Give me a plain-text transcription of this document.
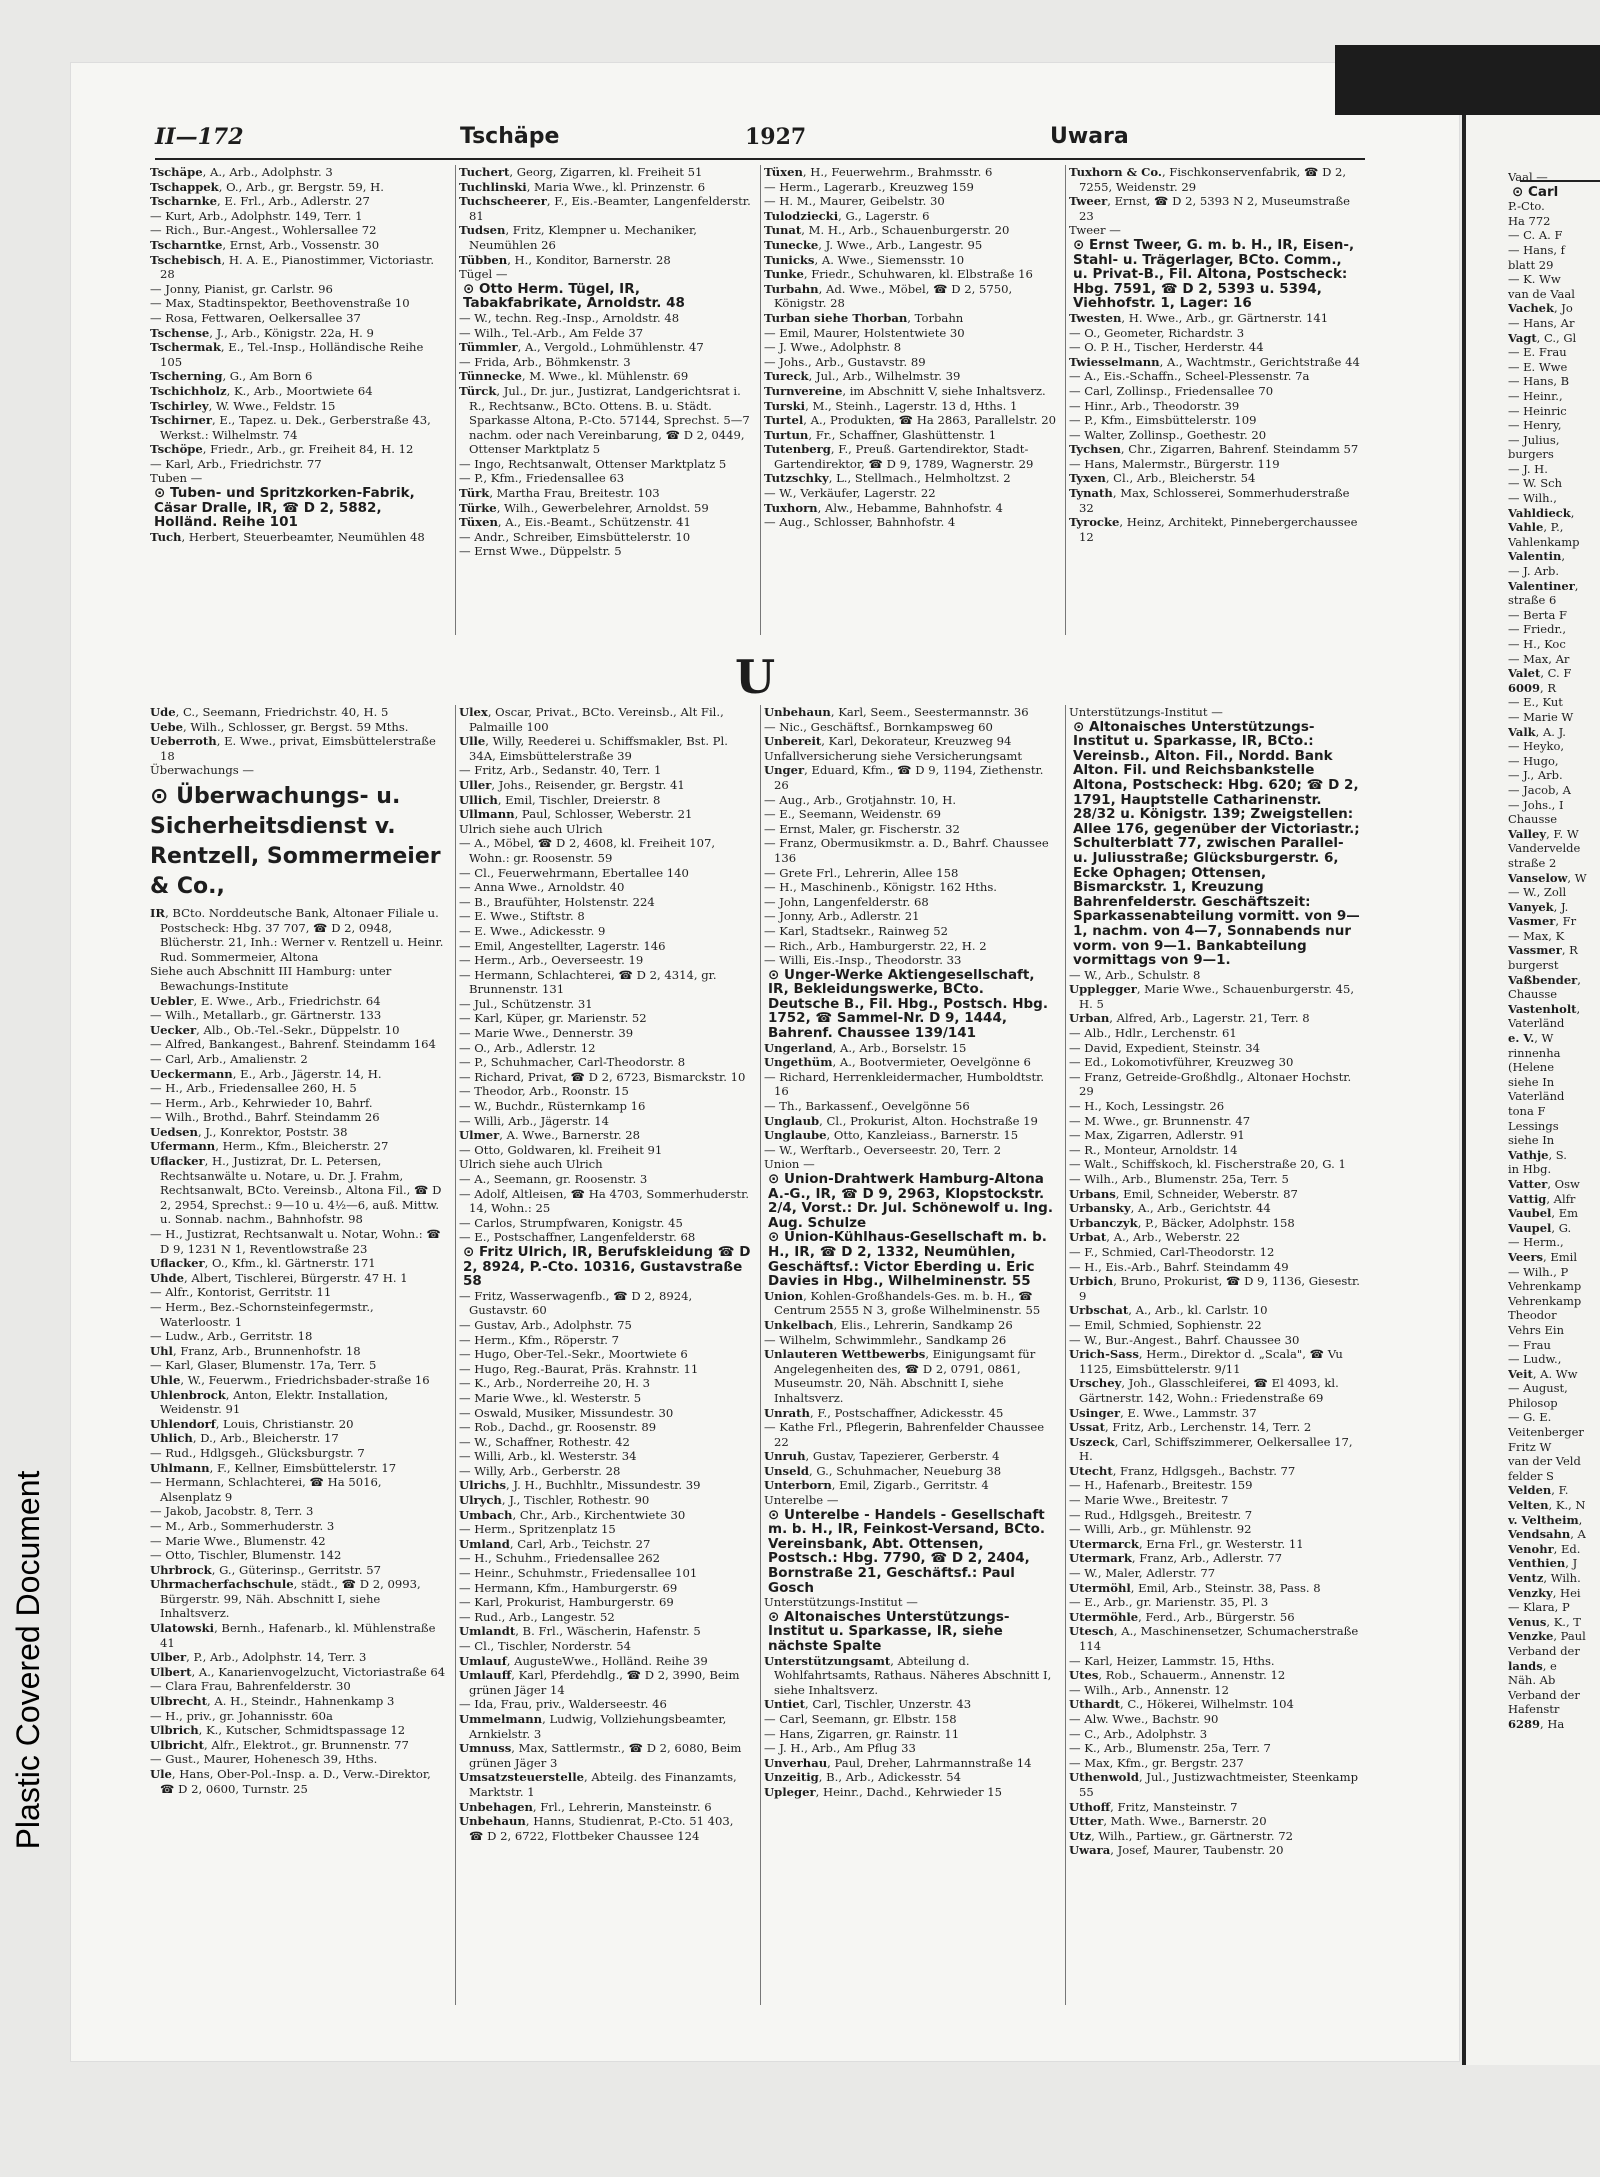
Plastic Covered Document
II—172	Tschäpe	1927	Uwara

Tschäpe, A., Arb., Adolphstr. 3

Tschappek, O., Arb., gr. Bergstr. 59, H.

Tscharnke, E. Frl., Arb., Adlerstr. 27

— Kurt, Arb., Adolphstr. 149, Terr. 1

— Rich., Bur.-Angest., Wohlersallee 72

Tscharntke, Ernst, Arb., Vossenstr. 30

Tschebisch, H. A. E., Pianostimmer, Victoriastr. 28

— Jonny, Pianist, gr. Carlstr. 96

— Max, Stadtinspektor, Beethovenstraße 10

— Rosa, Fettwaren, Oelkersallee 37

Tschense, J., Arb., Königstr. 22a, H. 9

Tschermak, E., Tel.-Insp., Holländische Reihe 105

Tscherning, G., Am Born 6

Tschichholz, K., Arb., Moortwiete 64

Tschirley, W. Wwe., Feldstr. 15

Tschirner, E., Tapez. u. Dek., Gerberstraße 43, Werkst.: Wilhelmstr. 74

Tschöpe, Friedr., Arb., gr. Freiheit 84, H. 12

— Karl, Arb., Friedrichstr. 77

Tuben —

⊙ Tuben- und Spritzkorken-Fabrik, Cäsar Dralle, IR, ☎ D 2, 5882, Holländ. Reihe 101

Tuch, Herbert, Steuerbeamter, Neumühlen 48

Tuchert, Georg, Zigarren, kl. Freiheit 51

Tuchlinski, Maria Wwe., kl. Prinzenstr. 6

Tuchscheerer, F., Eis.-Beamter, Langenfelderstr. 81

Tudsen, Fritz, Klempner u. Mechaniker, Neumühlen 26

Tübben, H., Konditor, Barnerstr. 28

Tügel —

⊙ Otto Herm. Tügel, IR, Tabakfabrikate, Arnoldstr. 48

— W., techn. Reg.-Insp., Arnoldstr. 48

— Wilh., Tel.-Arb., Am Felde 37

Tümmler, A., Vergold., Lohmühlenstr. 47

— Frida, Arb., Böhmkenstr. 3

Tünnecke, M. Wwe., kl. Mühlenstr. 69

Türck, Jul., Dr. jur., Justizrat, Landgerichtsrat i. R., Rechtsanw., BCto. Ottens. B. u. Städt. Sparkasse Altona, P.-Cto. 57144, Sprechst. 5—7 nachm. oder nach Vereinbarung, ☎ D 2, 0449, Ottenser Marktplatz 5

— Ingo, Rechtsanwalt, Ottenser Marktplatz 5

— P., Kfm., Friedensallee 63

Türk, Martha Frau, Breitestr. 103

Türke, Wilh., Gewerbelehrer, Arnoldst. 59

Tüxen, A., Eis.-Beamt., Schützenstr. 41

— Andr., Schreiber, Eimsbüttelerstr. 10

— Ernst Wwe., Düppelstr. 5

Tüxen, H., Feuerwehrm., Brahmsstr. 6

— Herm., Lagerarb., Kreuzweg 159

— H. M., Maurer, Geibelstr. 30

Tulodziecki, G., Lagerstr. 6

Tunat, M. H., Arb., Schauenburgerstr. 20

Tunecke, J. Wwe., Arb., Langestr. 95

Tunicks, A. Wwe., Siemensstr. 10

Tunke, Friedr., Schuhwaren, kl. Elbstraße 16

Turbahn, Ad. Wwe., Möbel, ☎ D 2, 5750, Königstr. 28

Turban siehe Thorban, Torbahn

— Emil, Maurer, Holstentwiete 30

— J. Wwe., Adolphstr. 8

— Johs., Arb., Gustavstr. 89

Tureck, Jul., Arb., Wilhelmstr. 39

Turnvereine, im Abschnitt V, siehe Inhaltsverz.

Turski, M., Steinh., Lagerstr. 13 d, Hths. 1

Turtel, A., Produkten, ☎ Ha 2863, Parallelstr. 20

Turtun, Fr., Schaffner, Glashüttenstr. 1

Tutenberg, F., Preuß. Gartendirektor, Stadt-Gartendirektor, ☎ D 9, 1789, Wagnerstr. 29

Tutzschky, L., Stellmach., Helmholtzst. 2

— W., Verkäufer, Lagerstr. 22

Tuxhorn, Alw., Hebamme, Bahnhofstr. 4

— Aug., Schlosser, Bahnhofstr. 4

Tuxhorn & Co., Fischkonservenfabrik, ☎ D 2, 7255, Weidenstr. 29

Tweer, Ernst, ☎ D 2, 5393 N 2, Museumstraße 23

Tweer —

⊙ Ernst Tweer, G. m. b. H., IR, Eisen-, Stahl- u. Trägerlager, BCto. Comm., u. Privat-B., Fil. Altona, Postscheck: Hbg. 7591, ☎ D 2, 5393 u. 5394, Viehhofstr. 1, Lager: 16

Twesten, H. Wwe., Arb., gr. Gärtnerstr. 141

— O., Geometer, Richardstr. 3

— O. P. H., Tischer, Herderstr. 44

Twiesselmann, A., Wachtmstr., Gerichtstraße 44

— A., Eis.-Schaffn., Scheel-Plessenstr. 7a

— Carl, Zollinsp., Friedensallee 70

— Hinr., Arb., Theodorstr. 39

— P., Kfm., Eimsbüttelerstr. 109

— Walter, Zollinsp., Goethestr. 20

Tychsen, Chr., Zigarren, Bahrenf. Steindamm 57

— Hans, Malermstr., Bürgerstr. 119

Tyxen, Cl., Arb., Bleicherstr. 54

Tynath, Max, Schlosserei, Sommerhuderstraße 32

Tyrocke, Heinz, Architekt, Pinnebergerchaussee 12

U

Ude, C., Seemann, Friedrichstr. 40, H. 5

Uebe, Wilh., Schlosser, gr. Bergst. 59 Mths.

Ueberroth, E. Wwe., privat, Eimsbüttelerstraße 18

Überwachungs —

⊙ Überwachungs- u. Sicherheitsdienst v. Rentzell, Sommermeier & Co.,

IR, BCto. Norddeutsche Bank, Altonaer Filiale u. Postscheck: Hbg. 37 707, ☎ D 2, 0948, Blücherstr. 21, Inh.: Werner v. Rentzell u. Heinr. Rud. Sommermeier, Altona

Siehe auch Abschnitt III Hamburg: unter Bewachungs-Institute

Uebler, E. Wwe., Arb., Friedrichstr. 64

— Wilh., Metallarb., gr. Gärtnerstr. 133

Uecker, Alb., Ob.-Tel.-Sekr., Düppelstr. 10

— Alfred, Bankangest., Bahrenf. Steindamm 164

— Carl, Arb., Amalienstr. 2

Ueckermann, E., Arb., Jägerstr. 14, H.

— H., Arb., Friedensallee 260, H. 5

— Herm., Arb., Kehrwieder 10, Bahrf.

— Wilh., Brothd., Bahrf. Steindamm 26

Uedsen, J., Konrektor, Poststr. 38

Ufermann, Herm., Kfm., Bleicherstr. 27

Uflacker, H., Justizrat, Dr. L. Petersen, Rechtsanwälte u. Notare, u. Dr. J. Frahm, Rechtsanwalt, BCto. Vereinsb., Altona Fil., ☎ D 2, 2954, Sprechst.: 9—10 u. 4½—6, auß. Mittw. u. Sonnab. nachm., Bahnhofstr. 98

— H., Justizrat, Rechtsanwalt u. Notar, Wohn.: ☎ D 9, 1231 N 1, Reventlowstraße 23

Uflacker, O., Kfm., kl. Gärtnerstr. 171

Uhde, Albert, Tischlerei, Bürgerstr. 47 H. 1

— Alfr., Kontorist, Gerritstr. 11

— Herm., Bez.-Schornsteinfegermstr., Waterloostr. 1

— Ludw., Arb., Gerritstr. 18

Uhl, Franz, Arb., Brunnenhofstr. 18

— Karl, Glaser, Blumenstr. 17a, Terr. 5

Uhle, W., Feuerwm., Friedrichsbader-straße 16

Uhlenbrock, Anton, Elektr. Installation, Weidenstr. 91

Uhlendorf, Louis, Christianstr. 20

Uhlich, D., Arb., Bleicherstr. 17

— Rud., Hdlgsgeh., Glücksburgstr. 7

Uhlmann, F., Kellner, Eimsbüttelerstr. 17

— Hermann, Schlachterei, ☎ Ha 5016, Alsenplatz 9

— Jakob, Jacobstr. 8, Terr. 3

— M., Arb., Sommerhuderstr. 3

— Marie Wwe., Blumenstr. 42

— Otto, Tischler, Blumenstr. 142

Uhrbrock, G., Güterinsp., Gerritstr. 57

Uhrmacherfachschule, städt., ☎ D 2, 0993, Bürgerstr. 99, Näh. Abschnitt I, siehe Inhaltsverz.

Ulatowski, Bernh., Hafenarb., kl. Mühlenstraße 41

Ulber, P., Arb., Adolphstr. 14, Terr. 3

Ulbert, A., Kanarienvogelzucht, Victoriastraße 64

— Clara Frau, Bahrenfelderstr. 30

Ulbrecht, A. H., Steindr., Hahnenkamp 3

— H., priv., gr. Johannisstr. 60a

Ulbrich, K., Kutscher, Schmidtspassage 12

Ulbricht, Alfr., Elektrot., gr. Brunnenstr. 77

— Gust., Maurer, Hohenesch 39, Hths.

Ule, Hans, Ober-Pol.-Insp. a. D., Verw.-Direktor, ☎ D 2, 0600, Turnstr. 25

Ulex, Oscar, Privat., BCto. Vereinsb., Alt Fil., Palmaille 100

Ulle, Willy, Reederei u. Schiffsmakler, Bst. Pl. 34A, Eimsbüttelerstraße 39

— Fritz, Arb., Sedanstr. 40, Terr. 1

Uller, Johs., Reisender, gr. Bergstr. 41

Ullich, Emil, Tischler, Dreierstr. 8

Ullmann, Paul, Schlosser, Weberstr. 21

Ulrich siehe auch Ulrich

— A., Möbel, ☎ D 2, 4608, kl. Freiheit 107, Wohn.: gr. Roosenstr. 59

— Cl., Feuerwehrmann, Ebertallee 140

— Anna Wwe., Arnoldstr. 40

— B., Braufühter, Holstenstr. 224

— E. Wwe., Stiftstr. 8

— E. Wwe., Adickesstr. 9

— Emil, Angestellter, Lagerstr. 146

— Herm., Arb., Oeverseestr. 19

— Hermann, Schlachterei, ☎ D 2, 4314, gr. Brunnenstr. 131

— Jul., Schützenstr. 31

— Karl, Küper, gr. Marienstr. 52

— Marie Wwe., Dennerstr. 39

— O., Arb., Adlerstr. 12

— P., Schuhmacher, Carl-Theodorstr. 8

— Richard, Privat, ☎ D 2, 6723, Bismarckstr. 10

— Theodor, Arb., Roonstr. 15

— W., Buchdr., Rüsternkamp 16

— Willi, Arb., Jägerstr. 14

Ulmer, A. Wwe., Barnerstr. 28

— Otto, Goldwaren, kl. Freiheit 91

Ulrich siehe auch Ulrich

— A., Seemann, gr. Roosenstr. 3

— Adolf, Altleisen, ☎ Ha 4703, Sommerhuderstr. 14, Wohn.: 25

— Carlos, Strumpfwaren, Konigstr. 45

— E., Postschaffner, Langenfelderstr. 68

⊙ Fritz Ulrich, IR, Berufskleidung ☎ D 2, 8924, P.-Cto. 10316, Gustavstraße 58

— Fritz, Wasserwagenfb., ☎ D 2, 8924, Gustavstr. 60

— Gustav, Arb., Adolphstr. 75

— Herm., Kfm., Röperstr. 7

— Hugo, Ober-Tel.-Sekr., Moortwiete 6

— Hugo, Reg.-Baurat, Präs. Krahnstr. 11

— K., Arb., Norderreihe 20, H. 3

— Marie Wwe., kl. Westerstr. 5

— Oswald, Musiker, Missundestr. 30

— Rob., Dachd., gr. Roosenstr. 89

— W., Schaffner, Rothestr. 42

— Willi, Arb., kl. Westerstr. 34

— Willy, Arb., Gerberstr. 28

Ulrichs, J. H., Buchhltr., Missundestr. 39

Ulrych, J., Tischler, Rothestr. 90

Umbach, Chr., Arb., Kirchentwiete 30

— Herm., Spritzenplatz 15

Umland, Carl, Arb., Teichstr. 27

— H., Schuhm., Friedensallee 262

— Heinr., Schuhmstr., Friedensallee 101

— Hermann, Kfm., Hamburgerstr. 69

— Karl, Prokurist, Hamburgerstr. 69

— Rud., Arb., Langestr. 52

Umlandt, B. Frl., Wäscherin, Hafenstr. 5

— Cl., Tischler, Norderstr. 54

Umlauf, AugusteWwe., Holländ. Reihe 39

Umlauff, Karl, Pferdehdlg., ☎ D 2, 3990, Beim grünen Jäger 14

— Ida, Frau, priv., Walderseestr. 46

Ummelmann, Ludwig, Vollziehungsbeamter, Arnkielstr. 3

Umnuss, Max, Sattlermstr., ☎ D 2, 6080, Beim grünen Jäger 3

Umsatzsteuerstelle, Abteilg. des Finanzamts, Marktstr. 1

Unbehagen, Frl., Lehrerin, Mansteinstr. 6

Unbehaun, Hanns, Studienrat, P.-Cto. 51 403, ☎ D 2, 6722, Flottbeker Chaussee 124

Unbehaun, Karl, Seem., Seestermannstr. 36

— Nic., Geschäftsf., Bornkampsweg 60

Unbereit, Karl, Dekorateur, Kreuzweg 94

Unfallversicherung siehe Versicherungsamt

Unger, Eduard, Kfm., ☎ D 9, 1194, Ziethenstr. 26

— Aug., Arb., Grotjahnstr. 10, H.

— E., Seemann, Weidenstr. 69

— Ernst, Maler, gr. Fischerstr. 32

— Franz, Obermusikmstr. a. D., Bahrf. Chaussee 136

— Grete Frl., Lehrerin, Allee 158

— H., Maschinenb., Königstr. 162 Hths.

— John, Langenfelderstr. 68

— Jonny, Arb., Adlerstr. 21

— Karl, Stadtsekr., Rainweg 52

— Rich., Arb., Hamburgerstr. 22, H. 2

— Willi, Eis.-Insp., Theodorstr. 33

⊙ Unger-Werke Aktiengesellschaft, IR, Bekleidungswerke, BCto. Deutsche B., Fil. Hbg., Postsch. Hbg. 1752, ☎ Sammel-Nr. D 9, 1444, Bahrenf. Chaussee 139/141

Ungerland, A., Arb., Borselstr. 15

Ungethüm, A., Bootvermieter, Oevelgönne 6

— Richard, Herrenkleidermacher, Humboldtstr. 16

— Th., Barkassenf., Oevelgönne 56

Unglaub, Cl., Prokurist, Alton. Hochstraße 19

Unglaube, Otto, Kanzleiass., Barnerstr. 15

— W., Werftarb., Oeverseestr. 20, Terr. 2

Union —

⊙ Union-Drahtwerk Hamburg-Altona A.-G., IR, ☎ D 9, 2963, Klopstockstr. 2/4, Vorst.: Dr. Jul. Schönewolf u. Ing. Aug. Schulze

⊙ Union-Kühlhaus-Gesellschaft m. b. H., IR, ☎ D 2, 1332, Neumühlen, Geschäftsf.: Victor Eberding u. Eric Davies in Hbg., Wilhelminenstr. 55

Union, Kohlen-Großhandels-Ges. m. b. H., ☎ Centrum 2555 N 3, große Wilhelminenstr. 55

Unkelbach, Elis., Lehrerin, Sandkamp 26

— Wilhelm, Schwimmlehr., Sandkamp 26

Unlauteren Wettbewerbs, Einigungsamt für Angelegenheiten des, ☎ D 2, 0791, 0861, Museumstr. 20, Näh. Abschnitt I, siehe Inhaltsverz.

Unrath, F., Postschaffner, Adickesstr. 45

— Kathe Frl., Pflegerin, Bahrenfelder Chaussee 22

Unruh, Gustav, Tapezierer, Gerberstr. 4

Unseld, G., Schuhmacher, Neueburg 38

Unterborn, Emil, Zigarb., Gerritstr. 4

Unterelbe —

⊙ Unterelbe - Handels - Gesellschaft m. b. H., IR, Feinkost-Versand, BCto. Vereinsbank, Abt. Ottensen, Postsch.: Hbg. 7790, ☎ D 2, 2404, Bornstraße 21, Geschäftsf.: Paul Gosch

Unterstützungs-Institut —

⊙ Altonaisches Unterstützungs-Institut u. Sparkasse, IR, siehe nächste Spalte

Unterstützungsamt, Abteilung d. Wohlfahrtsamts, Rathaus. Näheres Abschnitt I, siehe Inhaltsverz.

Untiet, Carl, Tischler, Unzerstr. 43

— Carl, Seemann, gr. Elbstr. 158

— Hans, Zigarren, gr. Rainstr. 11

— J. H., Arb., Am Pflug 33

Unverhau, Paul, Dreher, Lahrmannstraße 14

Unzeitig, B., Arb., Adickesstr. 54

Upleger, Heinr., Dachd., Kehrwieder 15

Unterstützungs-Institut —

⊙ Altonaisches Unterstützungs-Institut u. Sparkasse, IR, BCto.: Vereinsb., Alton. Fil., Nordd. Bank Alton. Fil. und Reichsbankstelle Altona, Postscheck: Hbg. 620; ☎ D 2, 1791, Hauptstelle Catharinenstr. 28/32 u. Königstr. 139; Zweigstellen: Allee 176, gegenüber der Victoriastr.; Schulterblatt 77, zwischen Parallel- u. Juliusstraße; Glücksburgerstr. 6, Ecke Ophagen; Ottensen, Bismarckstr. 1, Kreuzung Bahrenfelderstr. Geschäftszeit: Sparkassenabteilung vormitt. von 9—1, nachm. von 4—7, Sonnabends nur vorm. von 9—1. Bankabteilung vormittags von 9—1.

— W., Arb., Schulstr. 8

Upplegger, Marie Wwe., Schauenburgerstr. 45, H. 5

Urban, Alfred, Arb., Lagerstr. 21, Terr. 8

— Alb., Hdlr., Lerchenstr. 61

— David, Expedient, Steinstr. 34

— Ed., Lokomotivführer, Kreuzweg 30

— Franz, Getreide-Großhdlg., Altonaer Hochstr. 29

— H., Koch, Lessingstr. 26

— M. Wwe., gr. Brunnenstr. 47

— Max, Zigarren, Adlerstr. 91

— R., Monteur, Arnoldstr. 14

— Walt., Schiffskoch, kl. Fischerstraße 20, G. 1

— Wilh., Arb., Blumenstr. 25a, Terr. 5

Urbans, Emil, Schneider, Weberstr. 87

Urbansky, A., Arb., Gerichtstr. 44

Urbanczyk, P., Bäcker, Adolphstr. 158

Urbat, A., Arb., Weberstr. 22

— F., Schmied, Carl-Theodorstr. 12

— H., Eis.-Arb., Bahrf. Steindamm 49

Urbich, Bruno, Prokurist, ☎ D 9, 1136, Giesestr. 9

Urbschat, A., Arb., kl. Carlstr. 10

— Emil, Schmied, Sophienstr. 22

— W., Bur.-Angest., Bahrf. Chaussee 30

Urich-Sass, Herm., Direktor d. „Scala", ☎ Vu 1125, Eimsbüttelerstr. 9/11

Urschey, Joh., Glasschleiferei, ☎ El 4093, kl. Gärtnerstr. 142, Wohn.: Friedenstraße 69

Usinger, E. Wwe., Lammstr. 37

Ussat, Fritz, Arb., Lerchenstr. 14, Terr. 2

Uszeck, Carl, Schiffszimmerer, Oelkersallee 17, H.

Utecht, Franz, Hdlgsgeh., Bachstr. 77

— H., Hafenarb., Breitestr. 159

— Marie Wwe., Breitestr. 7

— Rud., Hdlgsgeh., Breitestr. 7

— Willi, Arb., gr. Mühlenstr. 92

Utermarck, Erna Frl., gr. Westerstr. 11

Utermark, Franz, Arb., Adlerstr. 77

— W., Maler, Adlerstr. 77

Utermöhl, Emil, Arb., Steinstr. 38, Pass. 8

— E., Arb., gr. Marienstr. 35, Pl. 3

Utermöhle, Ferd., Arb., Bürgerstr. 56

Utesch, A., Maschinensetzer, Schumacherstraße 114

— Karl, Heizer, Lammstr. 15, Hths.

Utes, Rob., Schauerm., Annenstr. 12

— Wilh., Arb., Annenstr. 12

Uthardt, C., Hökerei, Wilhelmstr. 104

— Alw. Wwe., Bachstr. 90

— C., Arb., Adolphstr. 3

— K., Arb., Blumenstr. 25a, Terr. 7

— Max, Kfm., gr. Bergstr. 237

Uthenwold, Jul., Justizwachtmeister, Steenkamp 55

Uthoff, Fritz, Mansteinstr. 7

Utter, Math. Wwe., Barnerstr. 20

Utz, Wilh., Partiew., gr. Gärtnerstr. 72

Uwara, Josef, Maurer, Taubenstr. 20

Vaal —

⊙ Carl

P.-Cto.

Ha 772

— C. A. F

— Hans, f

blatt 29

— K. Ww

van de Vaal

Vachek, Jo

— Hans, Ar

Vagt, C., Gl

— E. Frau

— E. Wwe

— Hans, B

— Heinr.,

— Heinric

— Henry,

— Julius,

burgers

— J. H.

— W. Sch

— Wilh.,

Vahldieck,

Vahle, P.,

Vahlenkamp

Valentin,

— J. Arb.

Valentiner,

straße 6

— Berta F

— Friedr.,

— H., Koc

— Max, Ar

Valet, C. F

6009, R

— E., Kut

— Marie W

Valk, A. J.

— Heyko,

— Hugo,

— J., Arb.

— Jacob, A

— Johs., I

Chausse

Valley, F. W

Vandervelde

straße 2

Vanselow, W

— W., Zoll

Vanyek, J.

Vasmer, Fr

— Max, K

Vassmer, R

burgerst

Vaßbender,

Chausse

Vastenholt,

Vaterländ

e. V., W

rinnenha

(Helene

siehe In

Vaterländ

tona F

Lessings

siehe In

Vathje, S.

in Hbg.

Vatter, Osw

Vattig, Alfr

Vaubel, Em

Vaupel, G.

— Herm.,

Veers, Emil

— Wilh., P

Vehrenkamp

Vehrenkamp

Theodor

Vehrs Ein

— Frau

— Ludw.,

Veit, A. Ww

— August,

Philosop

— G. E.

Veitenberger

Fritz W

van der Veld

felder S

Velden, F.

Velten, K., N

v. Veltheim,

Vendsahn, A

Venohr, Ed.

Venthien, J

Ventz, Wilh.

Venzky, Hei

— Klara, P

Venus, K., T

Venzke, Paul

Verband der

lands, e

Näh. Ab

Verband der

Hafenstr

6289, Ha
